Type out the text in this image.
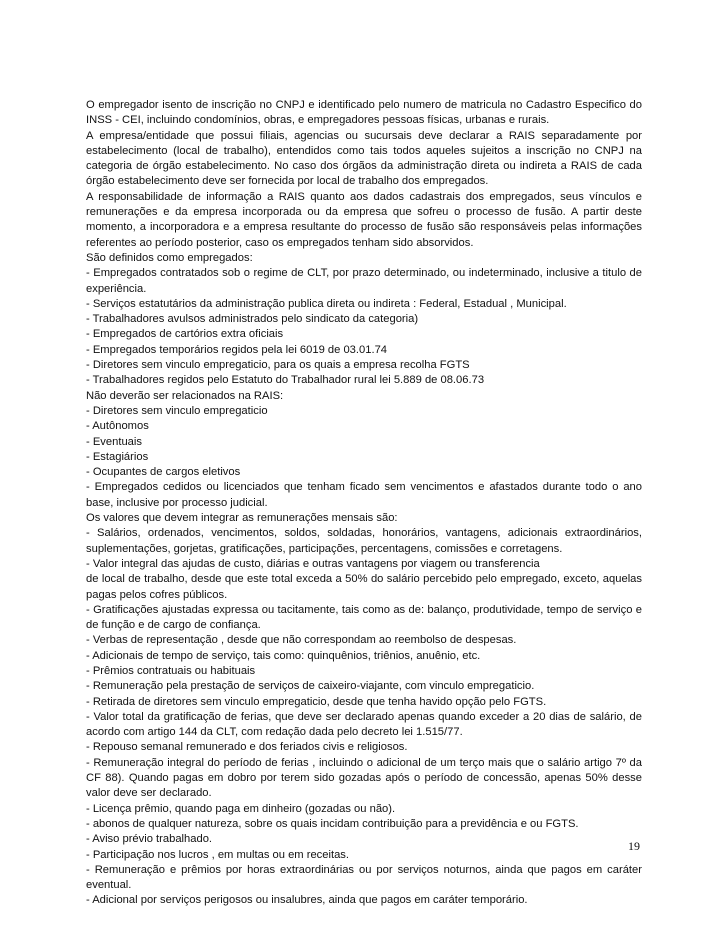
O empregador isento de inscrição no CNPJ e identificado pelo numero de matricula no Cadastro Especifico do INSS - CEI, incluindo condomínios, obras, e empregadores pessoas físicas, urbanas e rurais.

A empresa/entidade que possui filiais, agencias ou sucursais deve declarar a RAIS separadamente por estabelecimento (local de trabalho), entendidos como tais todos aqueles sujeitos a inscrição no CNPJ na categoria de órgão estabelecimento. No caso dos órgãos da administração direta ou indireta a RAIS de cada órgão estabelecimento deve ser fornecida por local de trabalho dos empregados.

A responsabilidade de informação a RAIS quanto aos dados cadastrais dos empregados, seus vínculos e remunerações e da empresa incorporada ou da empresa que sofreu o processo de fusão. A partir deste momento, a incorporadora e a empresa resultante do processo de fusão são responsáveis pelas informações referentes ao período posterior, caso os empregados tenham sido absorvidos.

São definidos como empregados:

- Empregados contratados sob o regime de CLT, por prazo determinado, ou indeterminado, inclusive a titulo de experiência.

- Serviços estatutários da administração publica direta ou indireta : Federal, Estadual , Municipal.

- Trabalhadores avulsos administrados pelo sindicato da categoria)

- Empregados de cartórios extra oficiais

- Empregados temporários regidos pela lei 6019 de 03.01.74

- Diretores sem vinculo empregaticio, para os quais a empresa recolha FGTS

- Trabalhadores regidos pelo Estatuto do Trabalhador rural lei 5.889 de 08.06.73

Não deverão ser relacionados na RAIS:

- Diretores sem vinculo empregaticio

- Autônomos

- Eventuais

- Estagiários

- Ocupantes de cargos eletivos

- Empregados cedidos ou licenciados que tenham ficado sem vencimentos e afastados durante todo o ano base, inclusive por processo judicial.

Os valores que devem integrar as remunerações mensais são:

- Salários, ordenados, vencimentos, soldos, soldadas, honorários, vantagens, adicionais extraordinários, suplementações, gorjetas, gratificações, participações, percentagens, comissões e corretagens.

- Valor integral das ajudas de custo, diárias e outras vantagens por viagem ou transferencia

de local de trabalho, desde que este total exceda a 50% do salário percebido pelo empregado, exceto, aquelas pagas pelos cofres públicos.

- Gratificações ajustadas expressa ou tacitamente, tais como as de: balanço, produtividade, tempo de serviço e de função e de cargo de confiança.

- Verbas de representação , desde que não correspondam ao reembolso de despesas.

- Adicionais de tempo de serviço, tais como: quinquênios, triênios, anuênio, etc.

- Prêmios contratuais ou habituais

- Remuneração pela prestação de serviços de caixeiro-viajante, com vinculo empregaticio.

- Retirada de diretores sem vinculo empregaticio, desde que tenha havido opção pelo FGTS.

- Valor total da gratificação de ferias, que deve ser declarado apenas quando exceder a 20 dias de salário, de acordo com artigo 144 da CLT, com redação dada pelo decreto lei 1.515/77.

- Repouso semanal remunerado e dos feriados civis e religiosos.

- Remuneração integral do período de ferias , incluindo o adicional de um terço mais que o salário artigo 7º da CF 88). Quando pagas em dobro por terem sido gozadas após o período de concessão, apenas 50% desse valor deve ser declarado.

- Licença prêmio, quando paga em dinheiro (gozadas ou não).

- abonos de qualquer natureza, sobre os quais incidam contribuição para a previdência e ou FGTS.

- Aviso prévio trabalhado.

- Participação nos lucros , em multas ou em receitas.

- Remuneração e prêmios por horas extraordinárias ou por serviços noturnos, ainda que pagos em caráter eventual.

- Adicional por serviços perigosos ou insalubres, ainda que pagos em caráter temporário.

19
